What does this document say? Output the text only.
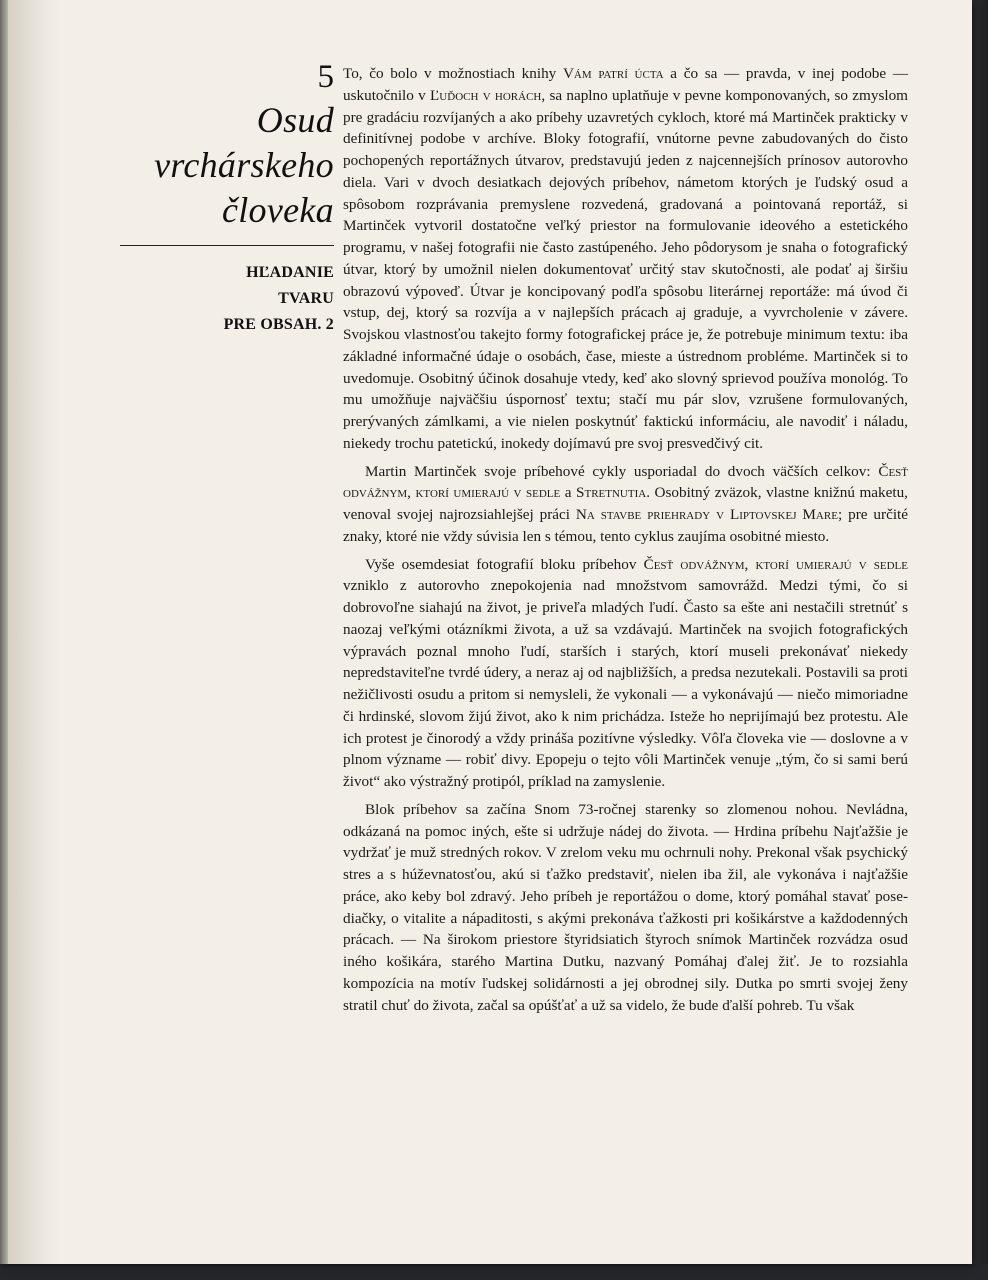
5
Osud
vrchárskeho
človeka
HĽADANIE
TVARU
PRE OBSAH. 2

To, čo bolo v možnostiach knihy Vám patrí úcta a čo sa — pravda, v inej podobe — uskutočnilo v Ľuďoch v horách, sa naplno uplatňuje v pevne komponovaných, so zmyslom pre gradáciu rozvíjaných a ako príbehy uzavretých cykloch, ktoré má Martinček prakticky v definitívnej podobe v archíve. Bloky fotografií, vnútorne pevne zabudovaných do čisto pochopených reportážnych útvarov, predstavujú jeden z najcennejších prínosov autorovho diela. Vari v dvoch desiatkach dejových príbehov, námetom ktorých je ľudský osud a spôsobom rozprávania premyslene rozvedená, gradovaná a pointovaná reportáž, si Martinček vytvoril dostatočne veľký priestor na formulovanie ideového a estetického programu, v našej fotografii nie často zastúpeného. Jeho pôdorysom je snaha o fotografický útvar, ktorý by umožnil nielen dokumentovať určitý stav skutočnosti, ale podať aj širšiu obrazovú výpoveď. Útvar je koncipovaný podľa spôsobu literárnej reportáže: má úvod či vstup, dej, ktorý sa rozvíja a v najlepších prácach aj graduje, a vyvrcholenie v závere. Svojskou vlastnosťou takejto formy fotografickej práce je, že potrebuje minimum textu: iba základné informačné údaje o osobách, čase, mieste a ústrednom probléme. Martinček si to uvedomuje. Osobitný účinok dosahuje vtedy, keď ako slovný sprievod používa monológ. To mu umožňuje najväčšiu úspornosť textu; stačí mu pár slov, vzrušene formulovaných, prerývaných zámlkami, a vie nielen poskytnúť faktickú informáciu, ale navodiť i náladu, niekedy trochu patetickú, inokedy dojímavú pre svoj presvedčivý cit.

Martin Martinček svoje príbehové cykly usporiadal do dvoch väčších celkov: Česť odvážnym, ktorí umierajú v sedle a Stretnutia. Osobitný zväzok, vlastne knižnú maketu, venoval svojej najrozsiahlejšej práci Na stavbe priehrady v Liptovskej Mare; pre určité znaky, ktoré nie vždy súvisia len s témou, tento cyklus zaujíma osobitné miesto.

Vyše osemdesiat fotografií bloku príbehov Česť odvážnym, ktorí umierajú v sedle vzniklo z autorovho znepokojenia nad množstvom samovrážd. Medzi tými, čo si dobrovoľne siahajú na život, je priveľa mladých ľudí. Často sa ešte ani nestačili stretnúť s naozaj veľkými otázníkmi života, a už sa vzdávajú. Martinček na svojich fotografických výpravách poznal mnoho ľudí, starších i starých, ktorí museli prekonávať niekedy nepredstaviteľne tvrdé údery, a neraz aj od najbližších, a predsa nezutekali. Postavili sa proti nežičlivosti osudu a pritom si nemysleli, že vykonali — a vykonávajú — niečo mimoriadne či hrdinské, slovom žijú život, ako k nim prichádza. Isteže ho neprijímajú bez protestu. Ale ich protest je činorodý a vždy prináša pozitívne výsledky. Vôľa človeka vie — doslovne a v plnom význame — robiť divy. Epopeju o tejto vôli Martinček venuje „tým, čo si sami berú život“ ako výstražný protipól, príklad na zamyslenie.

Blok príbehov sa začína Snom 73-ročnej starenky so zlomenou nohou. Nevládna, odkázaná na pomoc iných, ešte si udržuje nádej do života. — Hrdina príbehu Najťažšie je vydržať je muž stredných rokov. V zrelom veku mu ochrnuli nohy. Prekonal však psychický stres a s húževnatosťou, akú si ťažko predstaviť, nielen iba žil, ale vykonáva i najťažšie práce, ako keby bol zdravý. Jeho príbeh je reportážou o dome, ktorý pomáhal stavať posediačky, o vitalite a nápaditosti, s akými prekonáva ťažkosti pri košikárstve a každodenných prácach. — Na širokom priestore štyridsiatich štyroch snímok Martinček rozvádza osud iného košikára, starého Martina Dutku, nazvaný Pomáhaj ďalej žiť. Je to rozsiahla kompozícia na motív ľudskej solidárnosti a jej obrodnej sily. Dutka po smrti svojej ženy stratil chuť do života, začal sa opúšťať a už sa videlo, že bude ďalší pohreb. Tu však
